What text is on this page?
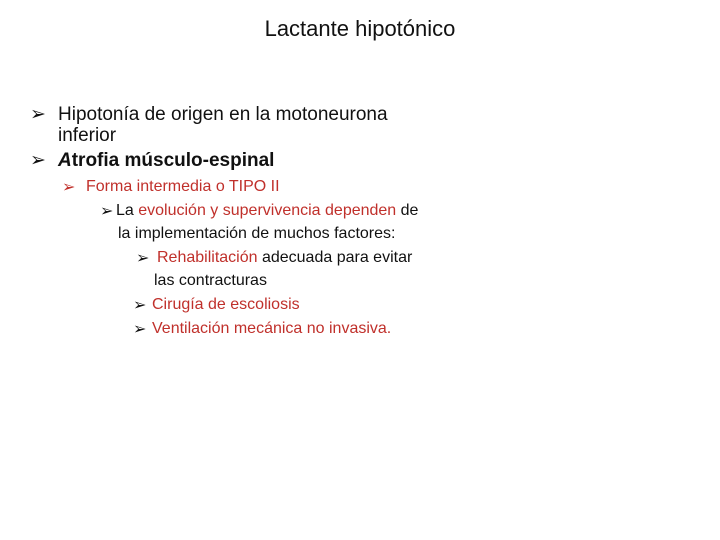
Lactante hipotónico
➢ Hipotonía de origen en la motoneurona
inferior
➢ Atrofia músculo-espinal
➢ Forma intermedia o TIPO II
➢ La evolución y supervivencia dependen de
la implementación de muchos factores:
➢ Rehabilitación adecuada para evitar
las contracturas
➢ Cirugía de escoliosis
➢ Ventilación mecánica no invasiva.
